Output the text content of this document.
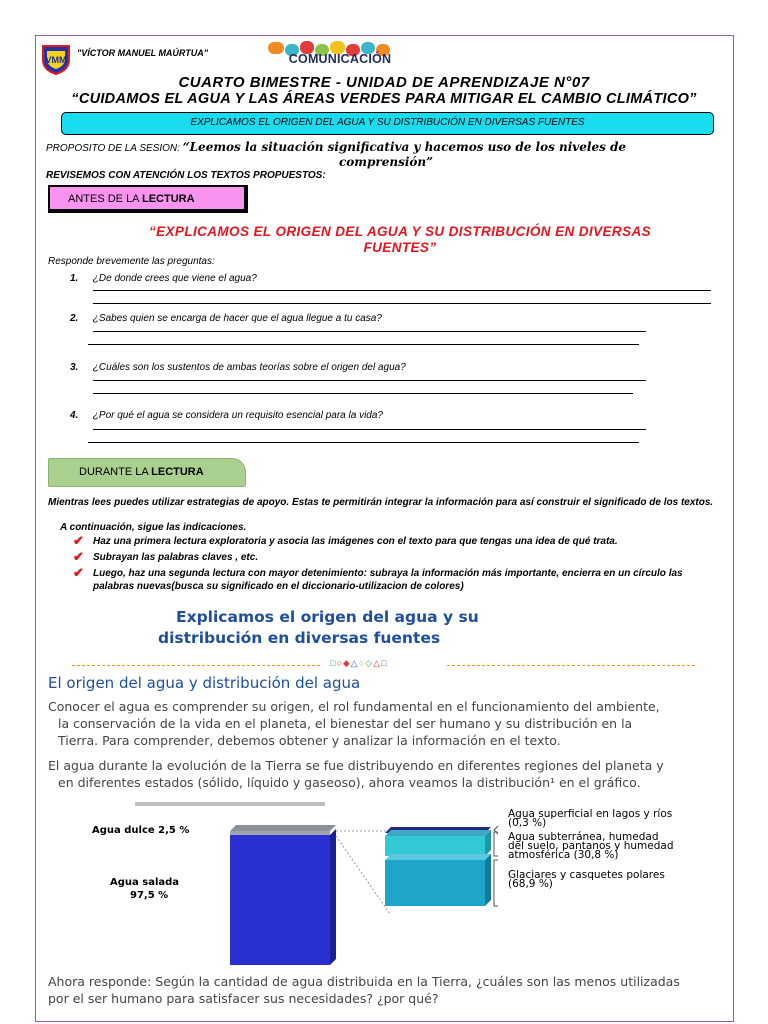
VMM
"VÍCTOR MANUEL MAÚRTUA"	COMUNICACIÓN
CUARTO BIMESTRE - UNIDAD DE APRENDIZAJE N°07
“CUIDAMOS EL AGUA Y LAS ÁREAS VERDES PARA MITIGAR EL CAMBIO CLIMÁTICO”
EXPLICAMOS EL ORIGEN DEL AGUA Y SU DISTRIBUCIÓN EN DIVERSAS FUENTES
PROPOSITO DE LA SESION: “Leemos la situación significativa y hacemos uso de los niveles de
comprensión”
REVISEMOS CON ATENCIÓN LOS TEXTOS PROPUESTOS:
ANTES DE LA LECTURA
“EXPLICAMOS EL ORIGEN DEL AGUA Y SU DISTRIBUCIÓN EN DIVERSAS
FUENTES”
Responde brevemente las preguntas:
1. ¿De donde crees que viene el agua?
2. ¿Sabes quien se encarga de hacer que el agua llegue a tu casa?
3. ¿Cuáles son los sustentos de ambas teorías sobre el origen del agua?
4. ¿Por qué el agua se considera un requisito esencial para la vida?
DURANTE LA LECTURA
Mientras lees puedes utilizar estrategias de apoyo. Estas te permitirán integrar la información para así construir el significado de los textos.
A continuación, sigue las indicaciones.
✔ Haz una primera lectura exploratoria y asocia las imágenes con el texto para que tengas una idea de qué trata.
✔ Subrayan las palabras claves , etc.
✔ Luego, haz una segunda lectura con mayor detenimiento: subraya la información más importante, encierra en un círculo las palabras nuevas(busca su significado en el diccionario-utilizacion de colores)
Explicamos el origen del agua y su
distribución en diversas fuentes
□○◆△○◇△□
El origen del agua y distribución del agua
Conocer el agua es comprender su origen, el rol fundamental en el funcionamiento del ambiente,
la conservación de la vida en el planeta, el bienestar del ser humano y su distribución en la
Tierra. Para comprender, debemos obtener y analizar la información en el texto.
El agua durante la evolución de la Tierra se fue distribuyendo en diferentes regiones del planeta y
en diferentes estados (sólido, líquido y gaseoso), ahora veamos la distribución¹ en el gráfico.
Agua dulce 2,5 %
Agua salada
97,5 %
Agua superficial en lagos y ríos
(0,3 %)
Agua subterránea, humedad
del suelo, pantanos y humedad
atmosférica (30,8 %)
Glaciares y casquetes polares
(68,9 %)
Ahora responde: Según la cantidad de agua distribuida en la Tierra, ¿cuáles son las menos utilizadas
por el ser humano para satisfacer sus necesidades? ¿por qué?
